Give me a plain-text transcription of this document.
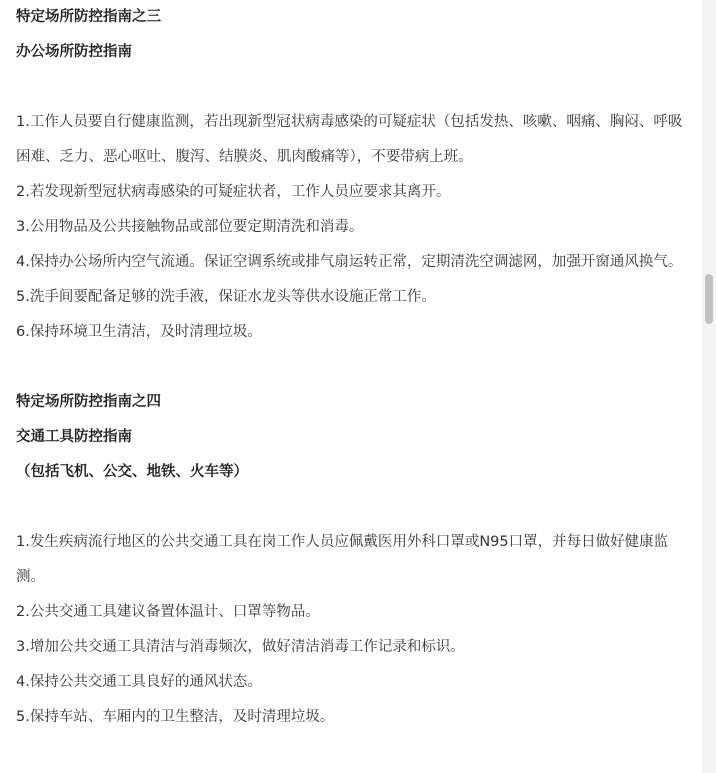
特定场所防控指南之三

办公场所防控指南

1.工作人员要自行健康监测，若出现新型冠状病毒感染的可疑症状（包括发热、咳嗽、咽痛、胸闷、呼吸困难、乏力、恶心呕吐、腹泻、结膜炎、肌肉酸痛等），不要带病上班。

2.若发现新型冠状病毒感染的可疑症状者，工作人员应要求其离开。

3.公用物品及公共接触物品或部位要定期清洗和消毒。

4.保持办公场所内空气流通。保证空调系统或排气扇运转正常，定期清洗空调滤网，加强开窗通风换气。

5.洗手间要配备足够的洗手液，保证水龙头等供水设施正常工作。

6.保持环境卫生清洁，及时清理垃圾。

特定场所防控指南之四

交通工具防控指南

（包括飞机、公交、地铁、火车等）

1.发生疾病流行地区的公共交通工具在岗工作人员应佩戴医用外科口罩或N95口罩，并每日做好健康监测。

2.公共交通工具建议备置体温计、口罩等物品。

3.增加公共交通工具清洁与消毒频次，做好清洁消毒工作记录和标识。

4.保持公共交通工具良好的通风状态。

5.保持车站、车厢内的卫生整洁，及时清理垃圾。
